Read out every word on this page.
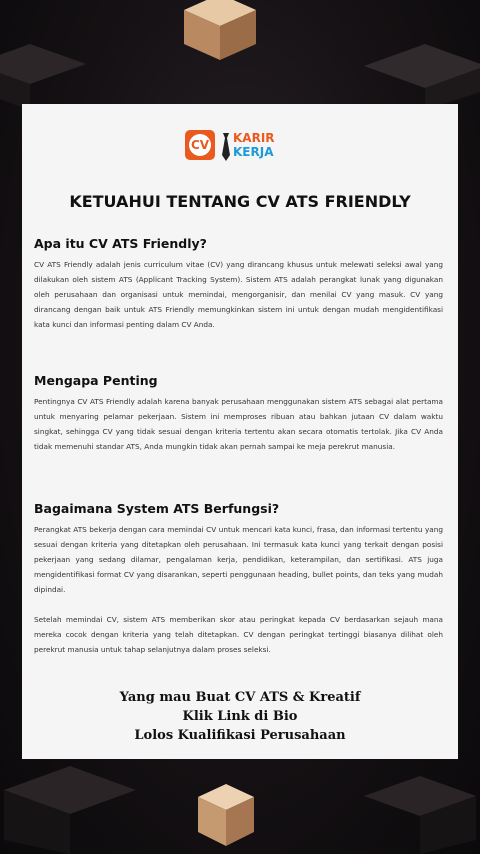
CV KARIR
KERJA
KETUAHUI TENTANG CV ATS FRIENDLY
Apa itu CV ATS Friendly?

CV ATS Friendly adalah jenis curriculum vitae (CV) yang dirancang khusus untuk melewati seleksi awal yang dilakukan oleh sistem ATS (Applicant Tracking System). Sistem ATS adalah perangkat lunak yang digunakan oleh perusahaan dan organisasi untuk memindai, mengorganisir, dan menilai CV yang masuk. CV yang dirancang dengan baik untuk ATS Friendly memungkinkan sistem ini untuk dengan mudah mengidentifikasi kata kunci dan informasi penting dalam CV Anda.

Mengapa Penting

Pentingnya CV ATS Friendly adalah karena banyak perusahaan menggunakan sistem ATS sebagai alat pertama untuk menyaring pelamar pekerjaan. Sistem ini memproses ribuan atau bahkan jutaan CV dalam waktu singkat, sehingga CV yang tidak sesuai dengan kriteria tertentu akan secara otomatis tertolak. Jika CV Anda tidak memenuhi standar ATS, Anda mungkin tidak akan pernah sampai ke meja perekrut manusia.

Bagaimana System ATS Berfungsi?

Perangkat ATS bekerja dengan cara memindai CV untuk mencari kata kunci, frasa, dan informasi tertentu yang sesuai dengan kriteria yang ditetapkan oleh perusahaan. Ini termasuk kata kunci yang terkait dengan posisi pekerjaan yang sedang dilamar, pengalaman kerja, pendidikan, keterampilan, dan sertifikasi. ATS juga mengidentifikasi format CV yang disarankan, seperti penggunaan heading, bullet points, dan teks yang mudah dipindai.

Setelah memindai CV, sistem ATS memberikan skor atau peringkat kepada CV berdasarkan sejauh mana mereka cocok dengan kriteria yang telah ditetapkan. CV dengan peringkat tertinggi biasanya dilihat oleh perekrut manusia untuk tahap selanjutnya dalam proses seleksi.

Yang mau Buat CV ATS & Kreatif
Klik Link di Bio
Lolos Kualifikasi Perusahaan
